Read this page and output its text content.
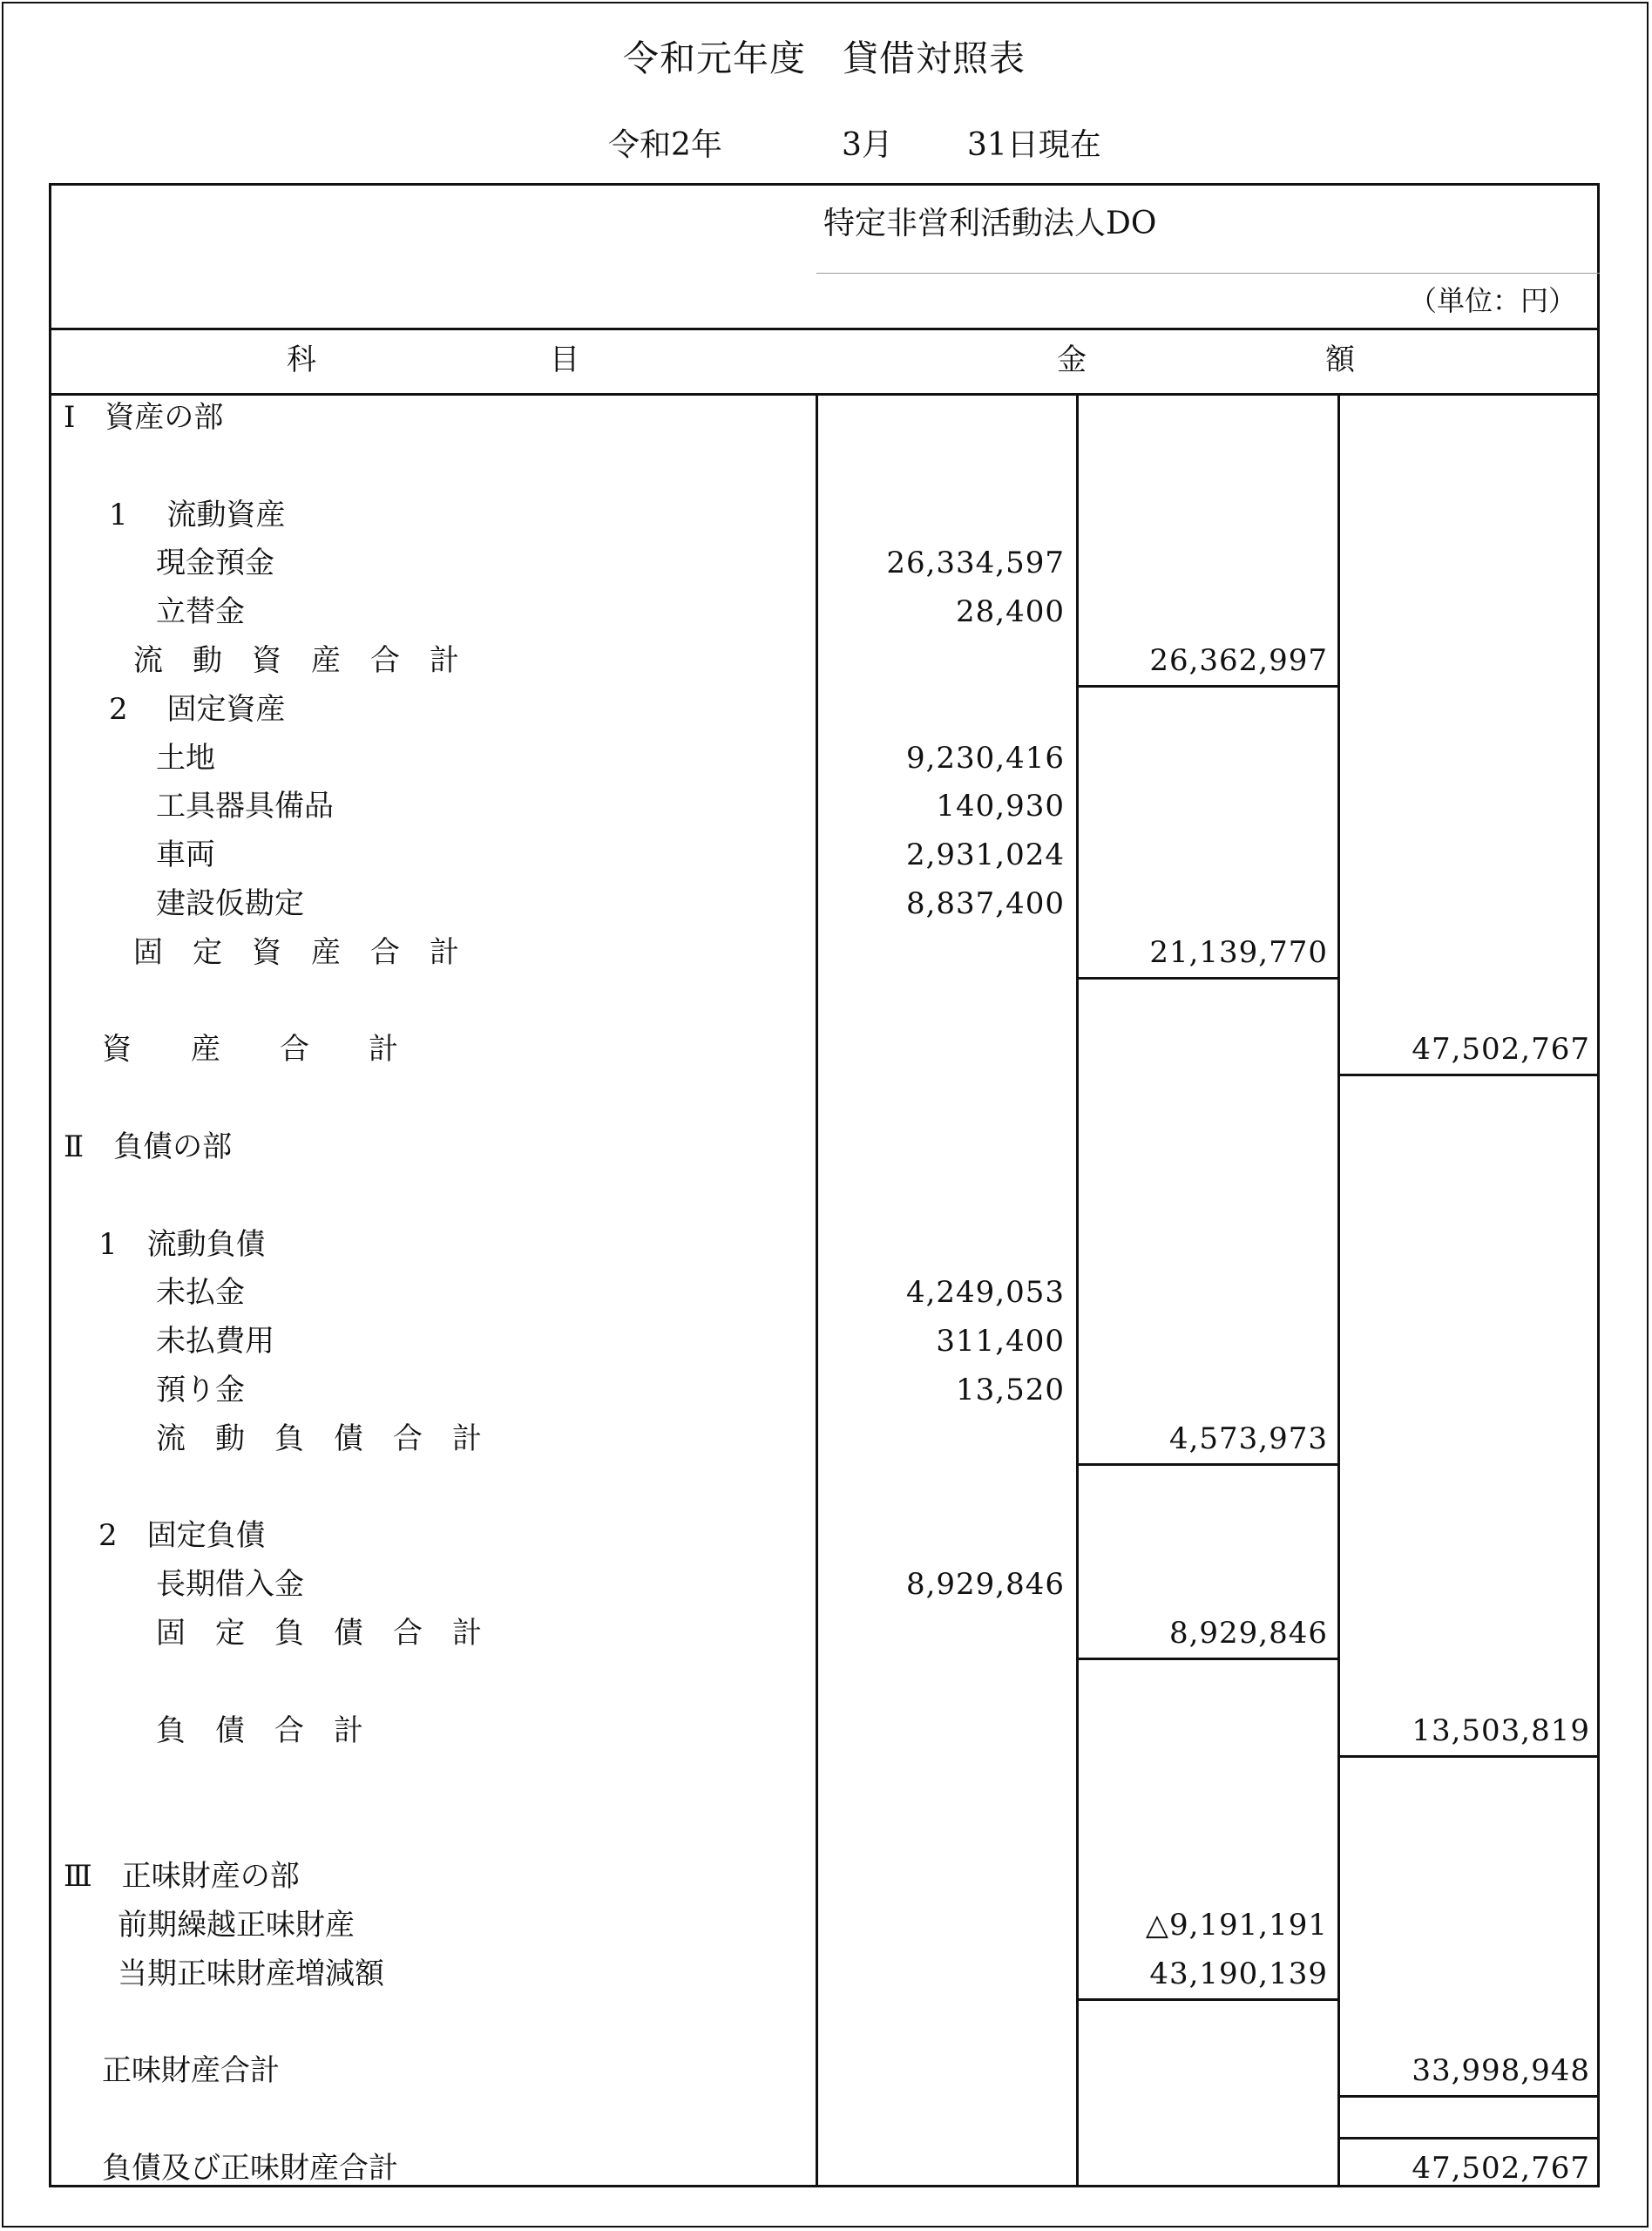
令和元年度　貸借対照表
令和2年	3月 31日現在
特定非営利活動法人DO
（単位：円）
科	目	金	額
Ⅰ　資産の部
1　 流動資産
現金預金	26,334,597
立替金	28,400
流　動　資　産　合　計	26,362,997
2　 固定資産
土地	9,230,416
工具器具備品	140,930
車両	2,931,024
建設仮勘定	8,837,400
固　定　資　産　合　計	21,139,770
資　　産　　合　　計	47,502,767
Ⅱ　負債の部
1　流動負債
未払金	4,249,053
未払費用	311,400
預り金	13,520
流　動　負　債　合　計	4,573,973
2　固定負債
長期借入金	8,929,846
固　定　負　債　合　計	8,929,846
負　債　合　計	13,503,819
Ⅲ　正味財産の部
前期繰越正味財産	△9,191,191
当期正味財産増減額	43,190,139
正味財産合計	33,998,948
負債及び正味財産合計	47,502,767
